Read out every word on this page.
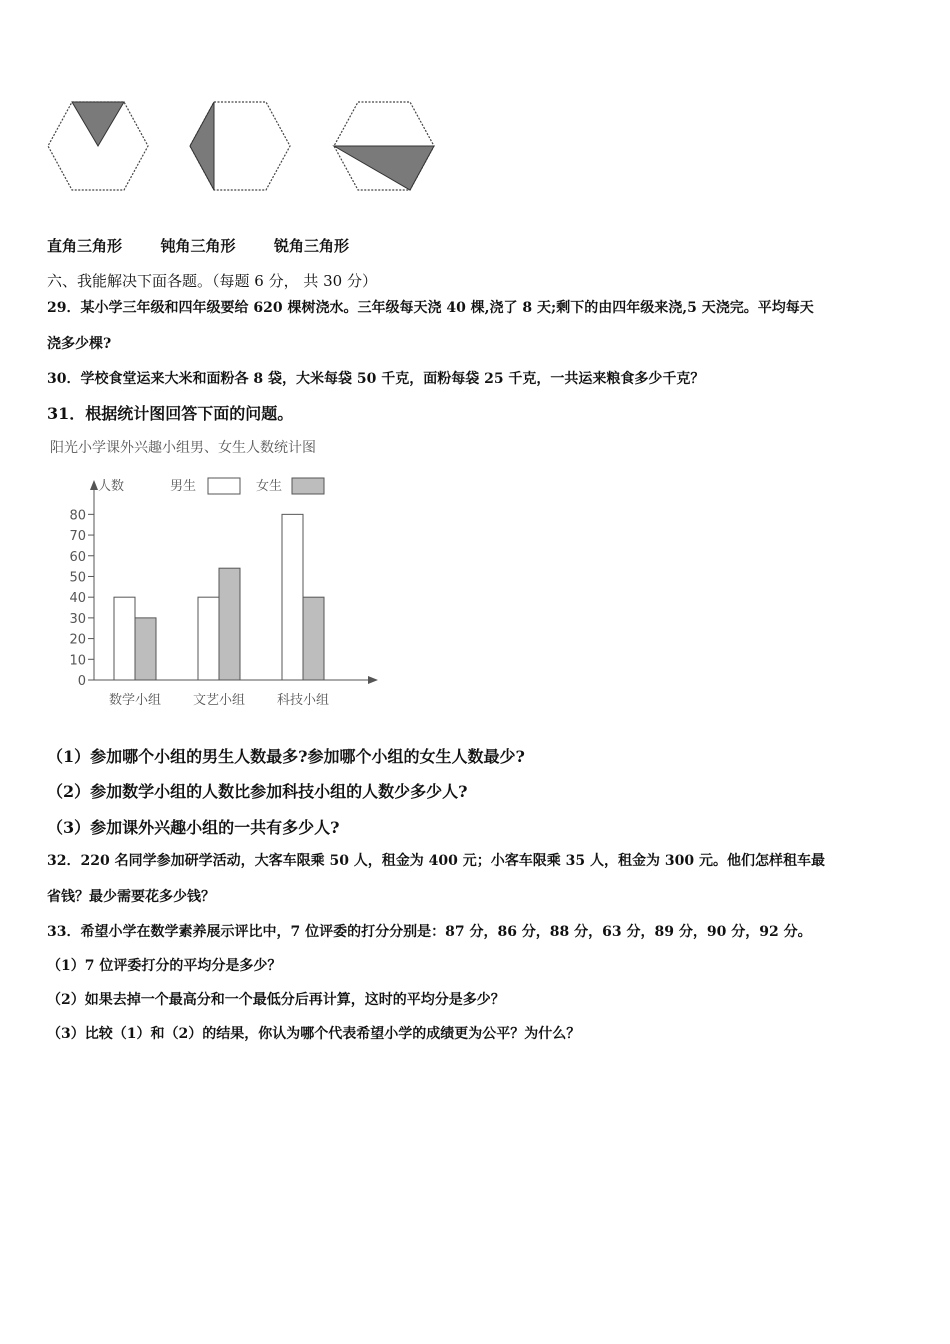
直角三角形	钝角三角形	锐角三角形
六、我能解决下面各题。（每题 6 分， 共 30 分）
29．某小学三年级和四年级要给 620 棵树浇水。三年级每天浇 40 棵,浇了 8 天;剩下的由四年级来浇,5 天浇完。平均每天
浇多少棵?
30．学校食堂运来大米和面粉各 8 袋，大米每袋 50 千克，面粉每袋 25 千克，一共运来粮食多少千克？
31．根据统计图回答下面的问题。
阳光小学课外兴趣小组男、女生人数统计图
人数	男生	女生
0
10
20
30
40
50
60
70
80
数学小组 文艺小组 科技小组
（1）参加哪个小组的男生人数最多?参加哪个小组的女生人数最少?
（2）参加数学小组的人数比参加科技小组的人数少多少人?
（3）参加课外兴趣小组的一共有多少人?
32．220 名同学参加研学活动，大客车限乘 50 人，租金为 400 元；小客车限乘 35 人，租金为 300 元。他们怎样租车最
省钱？最少需要花多少钱？
33．希望小学在数学素养展示评比中，7 位评委的打分分别是：87 分，86 分，88 分，63 分，89 分，90 分，92 分。
（1）7 位评委打分的平均分是多少？
（2）如果去掉一个最高分和一个最低分后再计算，这时的平均分是多少？
（3）比较（1）和（2）的结果，你认为哪个代表希望小学的成绩更为公平？为什么？
